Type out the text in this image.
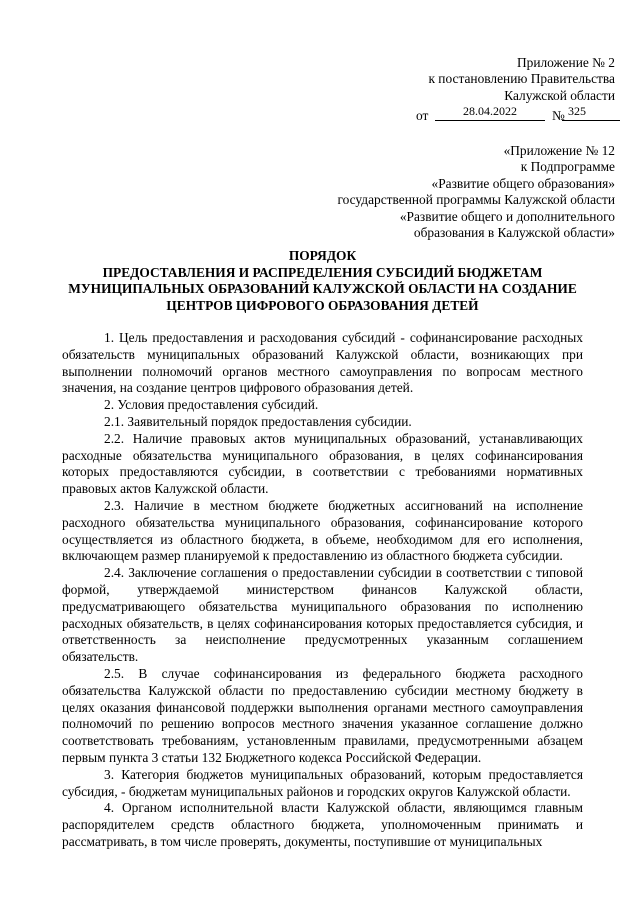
Приложение № 2
к постановлению Правительства
Калужской области
от	28.04.2022	№ 325
«Приложение № 12
к Подпрограмме
«Развитие общего образования»
государственной программы Калужской области
«Развитие общего и дополнительного
образования в Калужской области»
ПОРЯДОК
ПРЕДОСТАВЛЕНИЯ И РАСПРЕДЕЛЕНИЯ СУБСИДИЙ БЮДЖЕТАМ
МУНИЦИПАЛЬНЫХ ОБРАЗОВАНИЙ КАЛУЖСКОЙ ОБЛАСТИ НА СОЗДАНИЕ
ЦЕНТРОВ ЦИФРОВОГО ОБРАЗОВАНИЯ ДЕТЕЙ

1. Цель предоставления и расходования субсидий - софинансирование расходных обязательств муниципальных образований Калужской области, возникающих при выполнении полномочий органов местного самоуправления по вопросам местного значения, на создание центров цифрового образования детей.

2. Условия предоставления субсидий.

2.1. Заявительный порядок предоставления субсидии.

2.2. Наличие правовых актов муниципальных образований, устанавливающих расходные обязательства муниципального образования, в целях софинансирования которых предоставляются субсидии, в соответствии с требованиями нормативных правовых актов Калужской области.

2.3. Наличие в местном бюджете бюджетных ассигнований на исполнение расходного обязательства муниципального образования, софинансирование которого осуществляется из областного бюджета, в объеме, необходимом для его исполнения, включающем размер планируемой к предоставлению из областного бюджета субсидии.

2.4. Заключение соглашения о предоставлении субсидии в соответствии с типовой формой, утверждаемой министерством финансов Калужской области, предусматривающего обязательства муниципального образования по исполнению расходных обязательств, в целях софинансирования которых предоставляется субсидия, и ответственность за неисполнение предусмотренных указанным соглашением обязательств.

2.5. В случае софинансирования из федерального бюджета расходного обязательства Калужской области по предоставлению субсидии местному бюджету в целях оказания финансовой поддержки выполнения органами местного самоуправления полномочий по решению вопросов местного значения указанное соглашение должно соответствовать требованиям, установленным правилами, предусмотренными абзацем первым пункта 3 статьи 132 Бюджетного кодекса Российской Федерации.

3. Категория бюджетов муниципальных образований, которым предоставляется субсидия, - бюджетам муниципальных районов и городских округов Калужской области.

4. Органом исполнительной власти Калужской области, являющимся главным распорядителем средств областного бюджета, уполномоченным принимать и рассматривать, в том числе проверять, документы, поступившие от муниципальных
